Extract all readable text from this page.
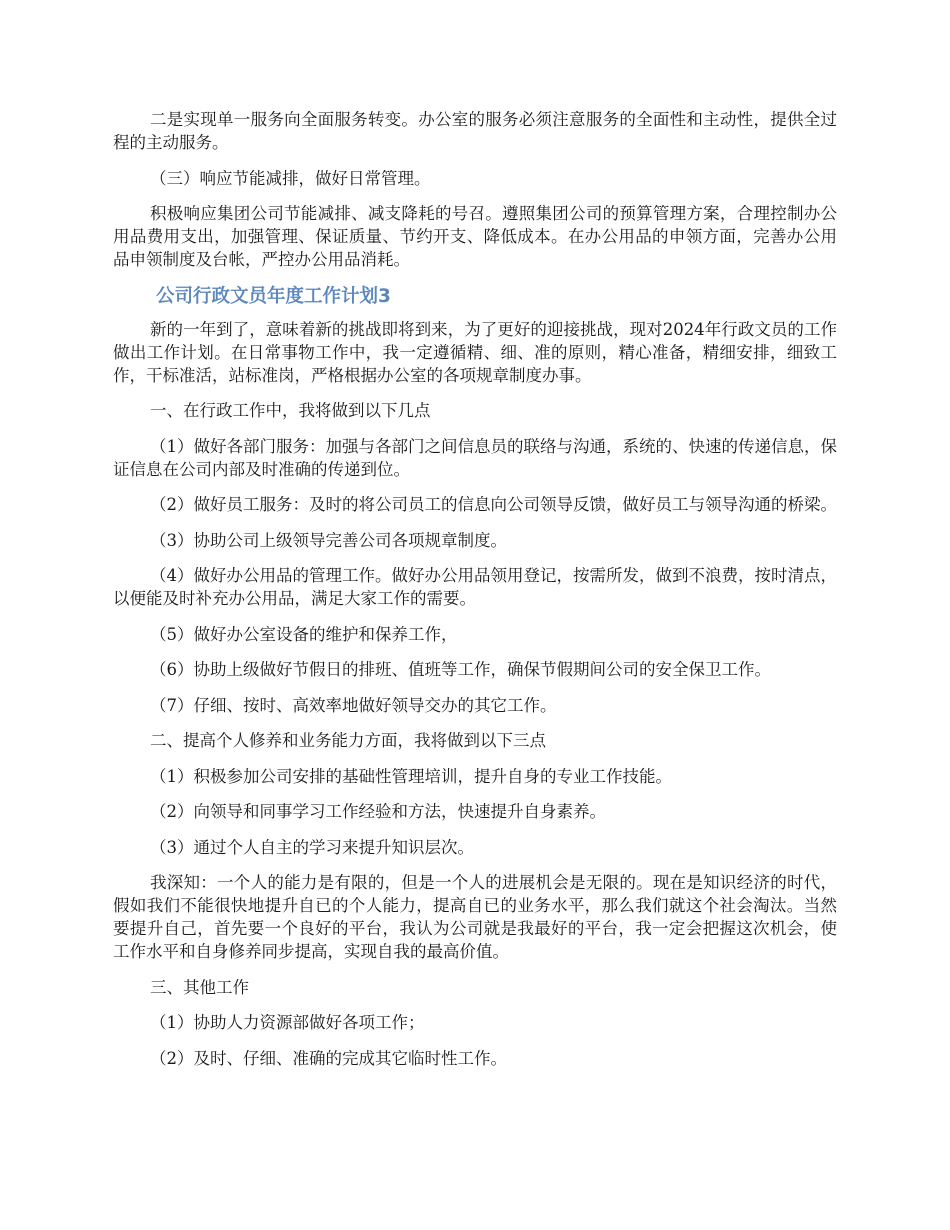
二是实现单一服务向全面服务转变。办公室的服务必须注意服务的全面性和主动性，提供全过程的主动服务。

（三）响应节能减排，做好日常管理。

积极响应集团公司节能减排、减支降耗的号召。遵照集团公司的预算管理方案，合理控制办公用品费用支出，加强管理、保证质量、节约开支、降低成本。在办公用品的申领方面，完善办公用品申领制度及台帐，严控办公用品消耗。

公司行政文员年度工作计划3

新的一年到了，意味着新的挑战即将到来，为了更好的迎接挑战，现对2024年行政文员的工作做出工作计划。在日常事物工作中，我一定遵循精、细、准的原则，精心准备，精细安排，细致工作，干标准活，站标准岗，严格根据办公室的各项规章制度办事。

一、在行政工作中，我将做到以下几点

（1）做好各部门服务：加强与各部门之间信息员的联络与沟通，系统的、快速的传递信息，保证信息在公司内部及时准确的传递到位。

（2）做好员工服务：及时的将公司员工的信息向公司领导反馈，做好员工与领导沟通的桥梁。

（3）协助公司上级领导完善公司各项规章制度。

（4）做好办公用品的管理工作。做好办公用品领用登记，按需所发，做到不浪费，按时清点，以便能及时补充办公用品，满足大家工作的需要。

（5）做好办公室设备的维护和保养工作，

（6）协助上级做好节假日的排班、值班等工作，确保节假期间公司的安全保卫工作。

（7）仔细、按时、高效率地做好领导交办的其它工作。

二、提高个人修养和业务能力方面，我将做到以下三点

（1）积极参加公司安排的基础性管理培训，提升自身的专业工作技能。

（2）向领导和同事学习工作经验和方法，快速提升自身素养。

（3）通过个人自主的学习来提升知识层次。

我深知：一个人的能力是有限的，但是一个人的进展机会是无限的。现在是知识经济的时代，假如我们不能很快地提升自已的个人能力，提高自已的业务水平，那么我们就这个社会淘汰。当然要提升自己，首先要一个良好的平台，我认为公司就是我最好的平台，我一定会把握这次机会，使工作水平和自身修养同步提高，实现自我的最高价值。

三、其他工作

（1）协助人力资源部做好各项工作；

（2）及时、仔细、准确的完成其它临时性工作。
